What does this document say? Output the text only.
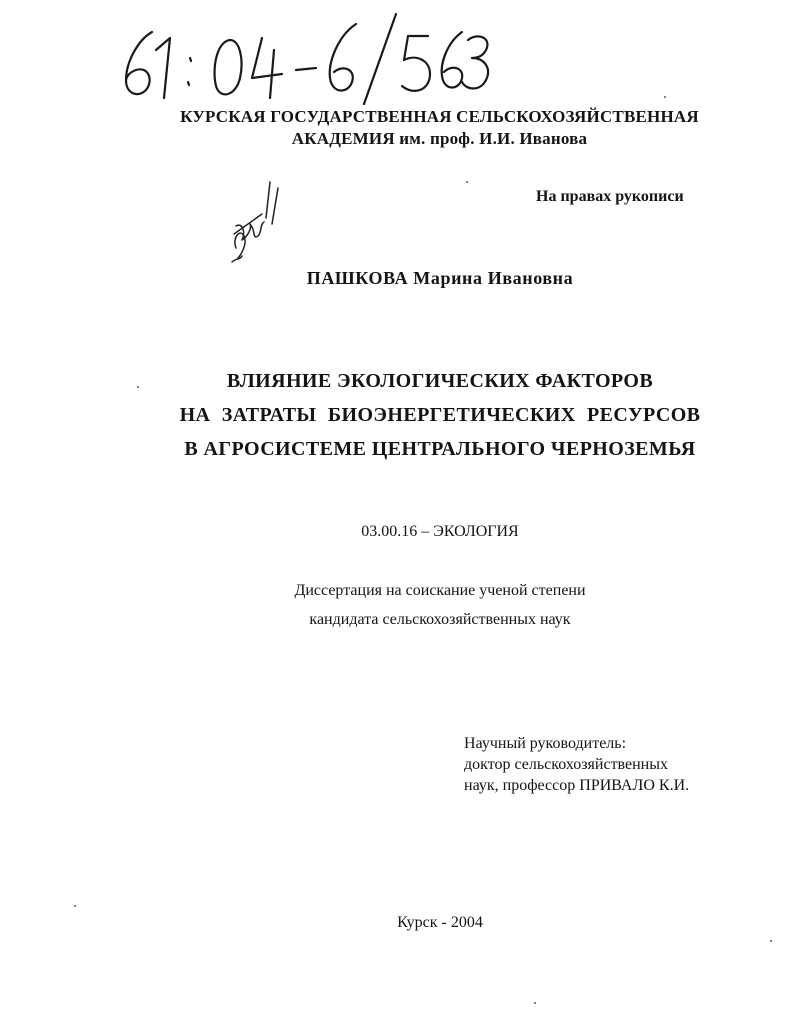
КУРСКАЯ ГОСУДАРСТВЕННАЯ СЕЛЬСКОХОЗЯЙСТВЕННАЯ
АКАДЕМИЯ им. проф. И.И. Иванова
На правах рукописи
ПАШКОВА Марина Ивановна
ВЛИЯНИЕ ЭКОЛОГИЧЕСКИХ ФАКТОРОВ
НА ЗАТРАТЫ БИОЭНЕРГЕТИЧЕСКИХ РЕСУРСОВ
В АГРОСИСТЕМЕ ЦЕНТРАЛЬНОГО ЧЕРНОЗЕМЬЯ
03.00.16 – ЭКОЛОГИЯ
Диссертация на соискание ученой степени
кандидата сельскохозяйственных наук
Научный руководитель:
доктор сельскохозяйственных
наук, профессор ПРИВАЛО К.И.
Курск - 2004
